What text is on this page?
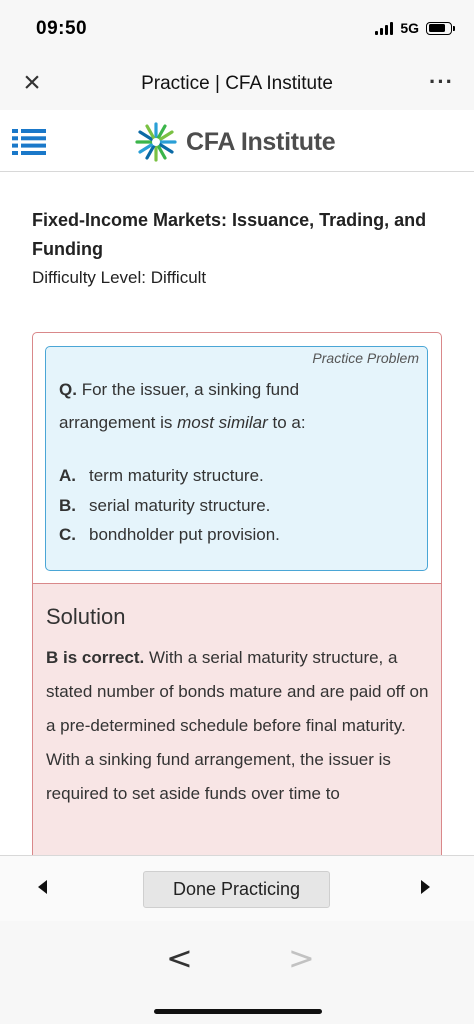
09:50	5G
×	Practice | CFA Institute	···
CFA Institute
Fixed-Income Markets: Issuance, Trading, and Funding
Difficulty Level: Difficult
Practice Problem
Q. For the issuer, a sinking fund arrangement is most similar to a:
A. term maturity structure.
B. serial maturity structure.
C. bondholder put provision.
Solution
B is correct. With a serial maturity structure, a stated number of bonds mature and are paid off on a pre-determined schedule before final maturity. With a sinking fund arrangement, the issuer is required to set aside funds over time to
Done Practicing
<	>
